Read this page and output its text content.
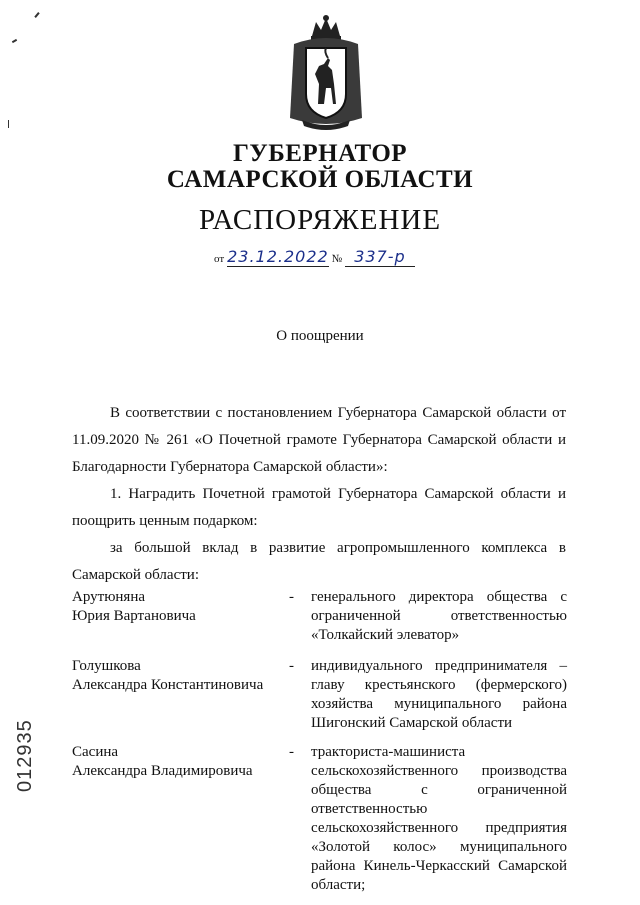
ГУБЕРНАТОР
САМАРСКОЙ ОБЛАСТИ
РАСПОРЯЖЕНИЕ
от 23.12.2022 № 337-р
О поощрении
В соответствии с постановлением Губернатора Самарской области от 11.09.2020 № 261 «О Почетной грамоте Губернатора Самарской области и Благодарности Губернатора Самарской области»:
1. Наградить Почетной грамотой Губернатора Самарской области и поощрить ценным подарком:
за большой вклад в развитие агропромышленного комплекса в Самарской области:
Арутюняна
Юрия Вартановича
- генерального директора общества с ограниченной ответственностью «Толкайский элеватор»
Голушкова
Александра Константиновича
- индивидуального предпринимателя – главу крестьянского (фермерского) хозяйства муниципального района Шигонский Самарской области
Сасина
Александра Владимировича
- тракториста-машиниста сельскохозяйственного производства общества с ограниченной ответственностью сельскохозяйственного предприятия «Золотой колос» муниципального района Кинель-Черкасский Самарской области;
012935
